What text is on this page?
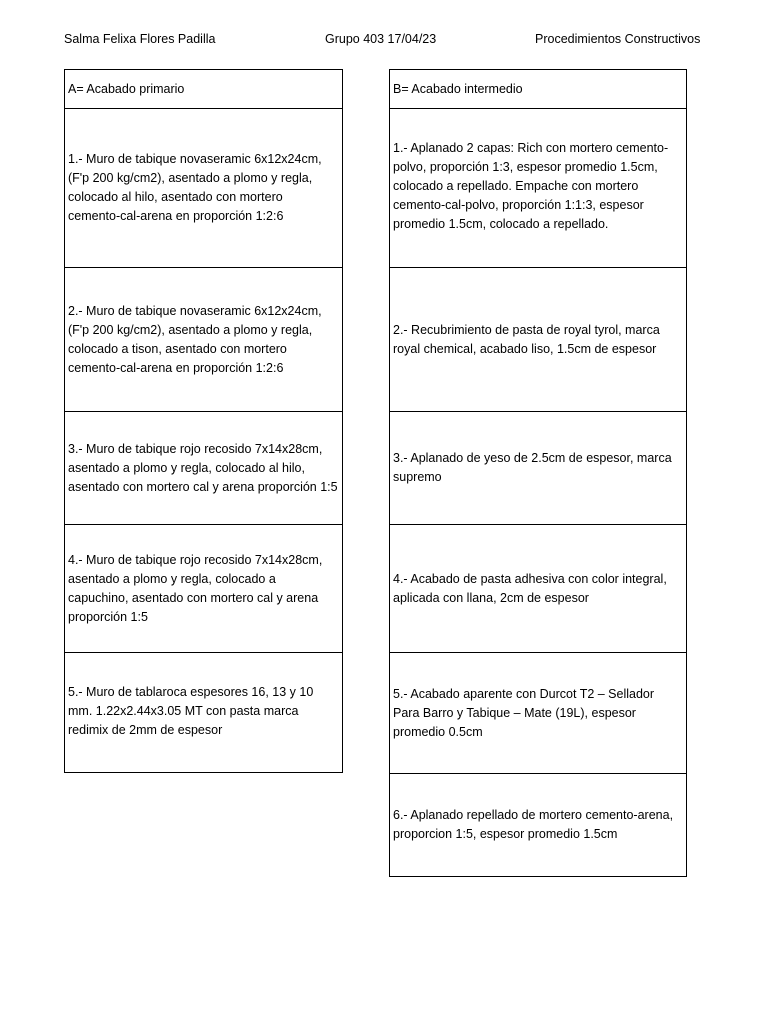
Salma Felixa Flores Padilla	Grupo 403 17/04/23	Procedimientos Constructivos
A= Acabado primario
1.- Muro de tabique novaseramic 6x12x24cm, (F'p 200 kg/cm2), asentado a plomo y regla, colocado al hilo, asentado con mortero cemento-cal-arena en proporción 1:2:6
2.- Muro de tabique novaseramic 6x12x24cm, (F'p 200 kg/cm2), asentado a plomo y regla, colocado a tison, asentado con mortero cemento-cal-arena en proporción 1:2:6
3.- Muro de tabique rojo recosido 7x14x28cm, asentado a plomo y regla, colocado al hilo, asentado con mortero cal y arena proporción 1:5
4.- Muro de tabique rojo recosido 7x14x28cm, asentado a plomo y regla, colocado a capuchino, asentado con mortero cal y arena proporción 1:5
5.- Muro de tablaroca espesores 16, 13 y 10 mm. 1.22x2.44x3.05 MT con pasta marca redimix de 2mm de espesor
B= Acabado intermedio
1.- Aplanado 2 capas: Rich con mortero cemento-polvo, proporción 1:3, espesor promedio 1.5cm, colocado a repellado. Empache con mortero cemento-cal-polvo, proporción 1:1:3, espesor promedio 1.5cm, colocado a repellado.
2.- Recubrimiento de pasta de royal tyrol, marca royal chemical, acabado liso, 1.5cm de espesor
3.- Aplanado de yeso de 2.5cm de espesor, marca supremo
4.- Acabado de pasta adhesiva con color integral, aplicada con llana, 2cm de espesor
5.- Acabado aparente con Durcot T2 – Sellador Para Barro y Tabique – Mate (19L), espesor promedio 0.5cm
6.- Aplanado repellado de mortero cemento-arena, proporcion 1:5, espesor promedio 1.5cm
